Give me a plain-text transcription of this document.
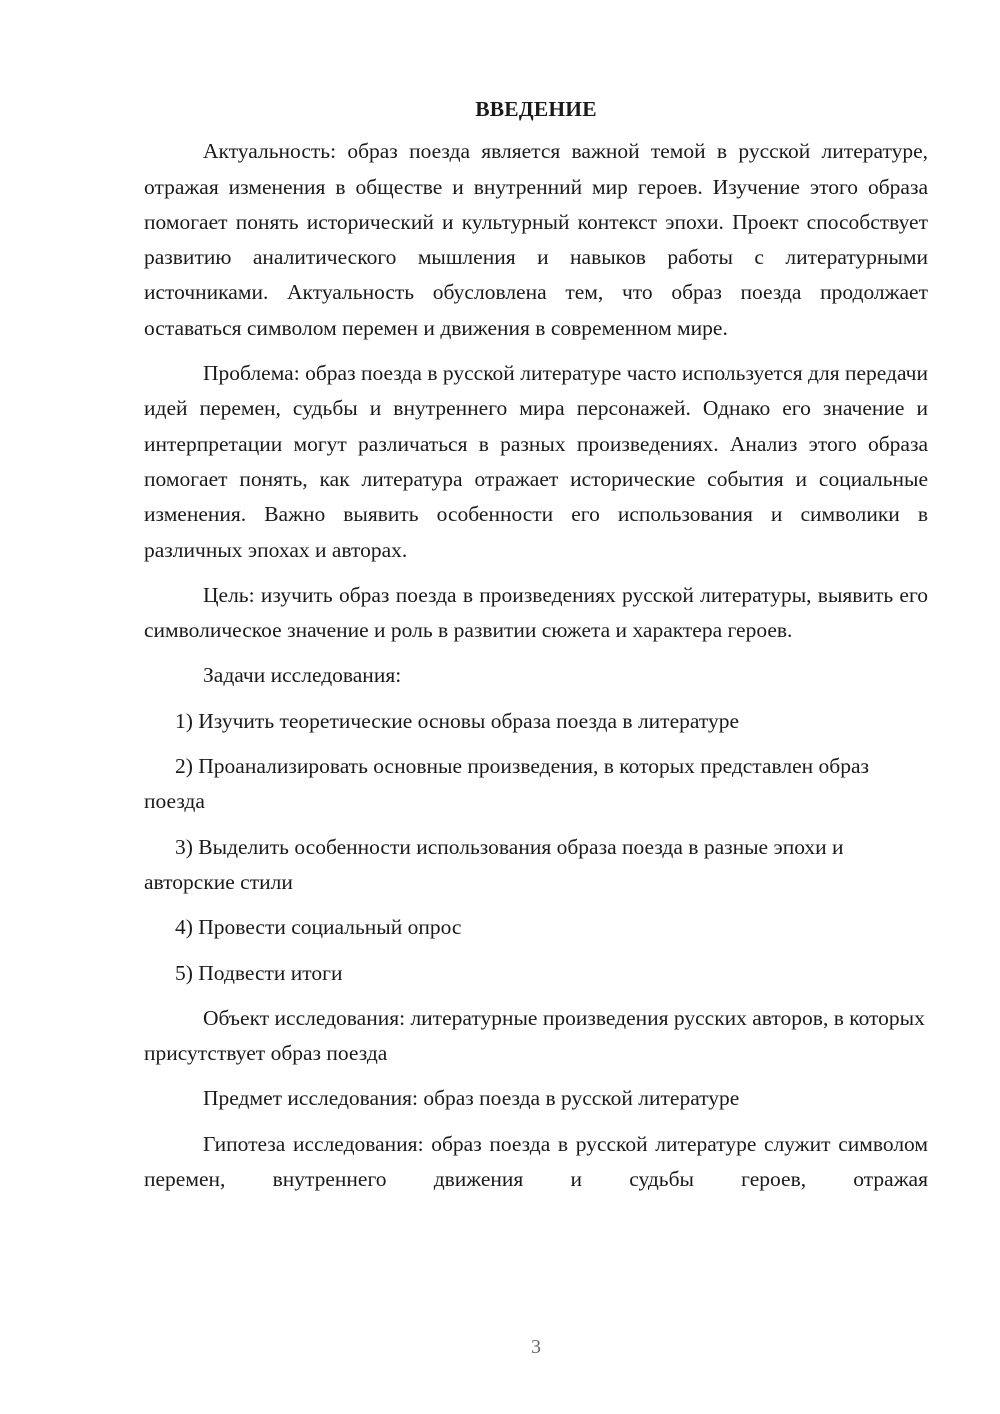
ВВЕДЕНИЕ

Актуальность: образ поезда является важной темой в русской литературе, отражая изменения в обществе и внутренний мир героев. Изучение этого образа помогает понять исторический и культурный контекст эпохи. Проект способствует развитию аналитического мышления и навыков работы с литературными источниками. Актуальность обусловлена тем, что образ поезда продолжает оставаться символом перемен и движения в современном мире.

Проблема: образ поезда в русской литературе часто используется для передачи идей перемен, судьбы и внутреннего мира персонажей. Однако его значение и интерпретации могут различаться в разных произведениях. Анализ этого образа помогает понять, как литература отражает исторические события и социальные изменения. Важно выявить особенности его использования и символики в различных эпохах и авторах.

Цель: изучить образ поезда в произведениях русской литературы, выявить его символическое значение и роль в развитии сюжета и характера героев.

Задачи исследования:

1) Изучить теоретические основы образа поезда в литературе

2) Проанализировать основные произведения, в которых представлен образ поезда

3) Выделить особенности использования образа поезда в разные эпохи и авторские стили

4) Провести социальный опрос

5) Подвести итоги

Объект исследования: литературные произведения русских авторов, в которых присутствует образ поезда

Предмет исследования: образ поезда в русской литературе

Гипотеза исследования: образ поезда в русской литературе служит символом перемен, внутреннего движения и судьбы героев, отражая

3
